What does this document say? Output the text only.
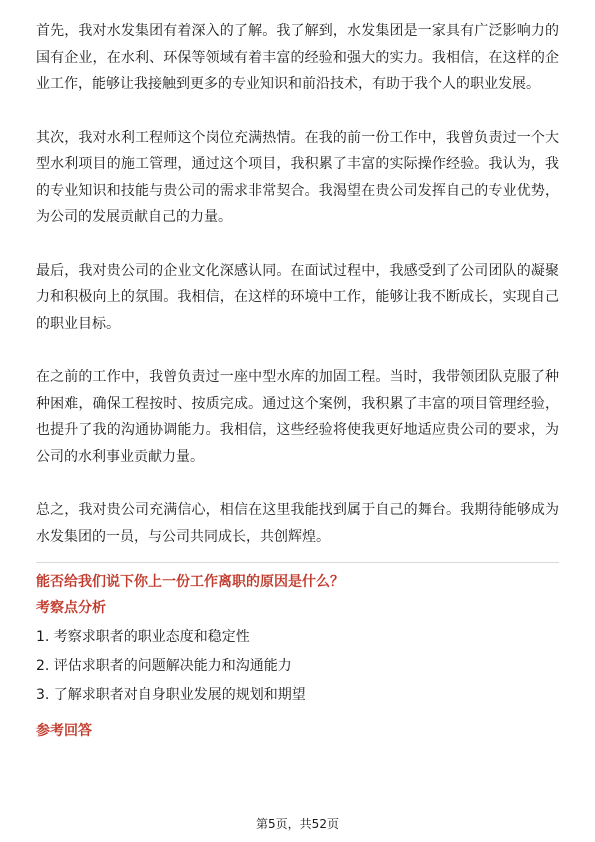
首先，我对水发集团有着深入的了解。我了解到，水发集团是一家具有广泛影响力的国有企业，在水利、环保等领域有着丰富的经验和强大的实力。我相信，在这样的企业工作，能够让我接触到更多的专业知识和前沿技术，有助于我个人的职业发展。

其次，我对水利工程师这个岗位充满热情。在我的前一份工作中，我曾负责过一个大型水利项目的施工管理，通过这个项目，我积累了丰富的实际操作经验。我认为，我的专业知识和技能与贵公司的需求非常契合。我渴望在贵公司发挥自己的专业优势，为公司的发展贡献自己的力量。

最后，我对贵公司的企业文化深感认同。在面试过程中，我感受到了公司团队的凝聚力和积极向上的氛围。我相信，在这样的环境中工作，能够让我不断成长，实现自己的职业目标。

在之前的工作中，我曾负责过一座中型水库的加固工程。当时，我带领团队克服了种种困难，确保工程按时、按质完成。通过这个案例，我积累了丰富的项目管理经验，也提升了我的沟通协调能力。我相信，这些经验将使我更好地适应贵公司的要求，为公司的水利事业贡献力量。

总之，我对贵公司充满信心，相信在这里我能找到属于自己的舞台。我期待能够成为水发集团的一员，与公司共同成长，共创辉煌。

能否给我们说下你上一份工作离职的原因是什么？

考察点分析

1. 考察求职者的职业态度和稳定性
2. 评估求职者的问题解决能力和沟通能力
3. 了解求职者对自身职业发展的规划和期望

参考回答

第5页，共52页
